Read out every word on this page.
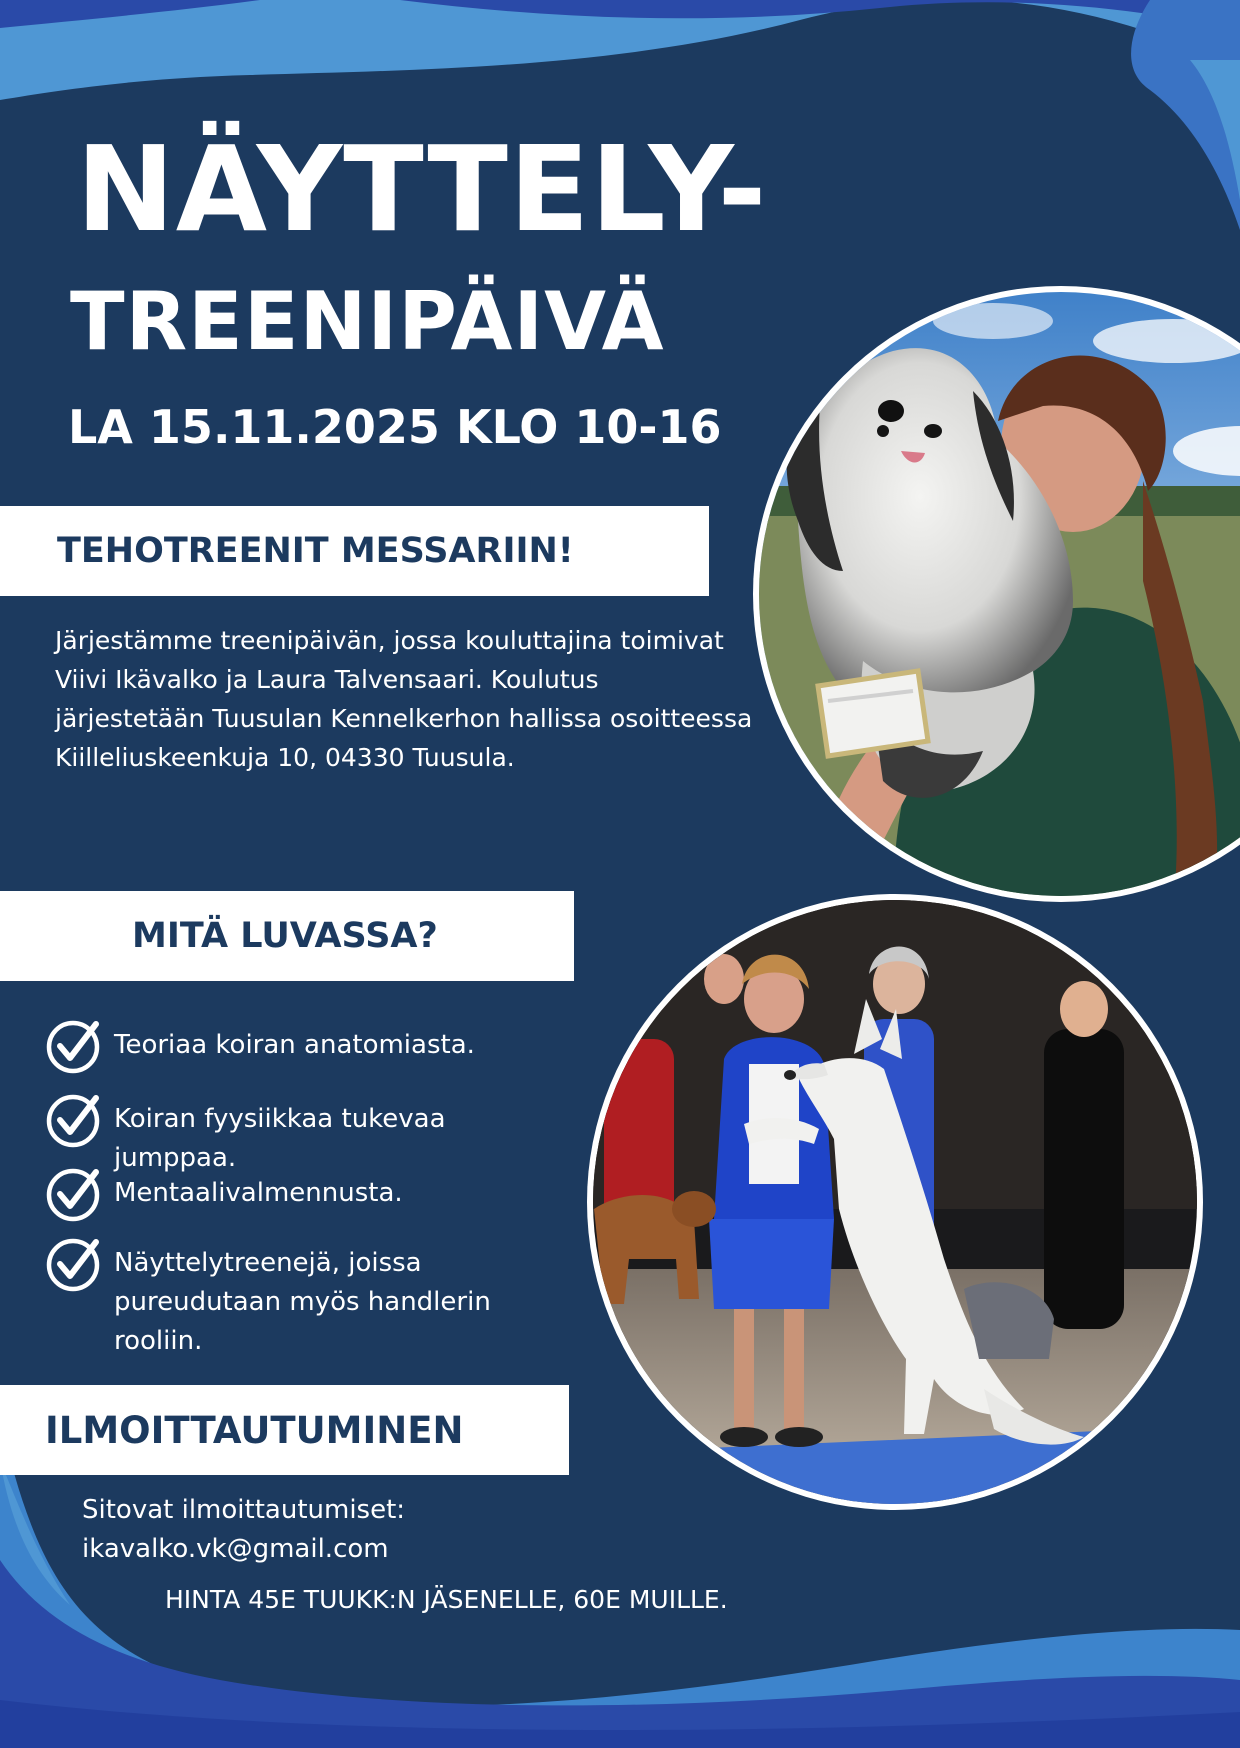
NÄYTTELY-
TREENIPÄIVÄ
LA 15.11.2025 KLO 10-16
TEHOTREENIT MESSARIIN!
Järjestämme treenipäivän, jossa kouluttajina toimivat Viivi Ikävalko ja Laura Talvensaari. Koulutus järjestetään Tuusulan Kennelkerhon hallissa osoitteessa Kiilleliuskeenkuja 10, 04330 Tuusula.
MITÄ LUVASSA?
Teoriaa koiran anatomiasta.
Koiran fyysiikkaa tukevaa jumppaa.
Mentaalivalmennusta.
Näyttelytreenejä, joissa pureudutaan myös handlerin rooliin.
ILMOITTAUTUMINEN
Sitovat ilmoittautumiset:
ikavalko.vk@gmail.com
HINTA 45E TUUKK:N JÄSENELLE, 60E MUILLE.
